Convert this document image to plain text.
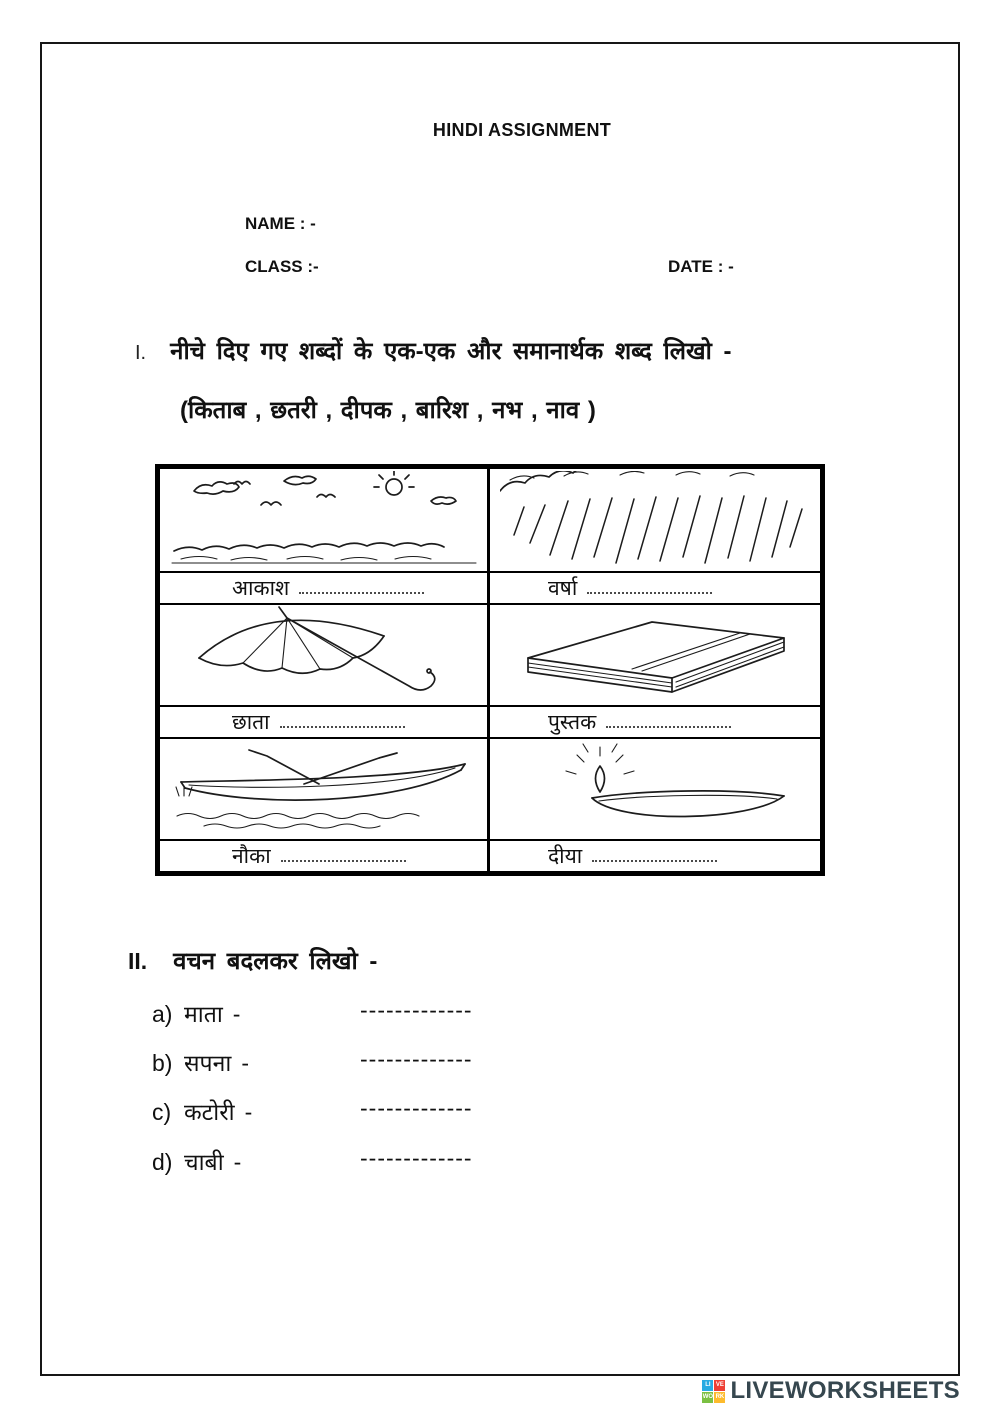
HINDI ASSIGNMENT
NAME : -
CLASS :-	DATE : -
I. नीचे दिए गए शब्दों के एक-एक और समानार्थक शब्द लिखो -
(किताब , छतरी , दीपक , बारिश , नभ , नाव )
आकाश	वर्षा
छाता	पुस्तक
नौका	दीया
II. वचन बदलकर लिखो -
a) माता -	-------------
b) सपना -	-------------
c) कटोरी -	-------------
d) चाबी -	-------------
LI VE
WO RK LIVEWORKSHEETS
